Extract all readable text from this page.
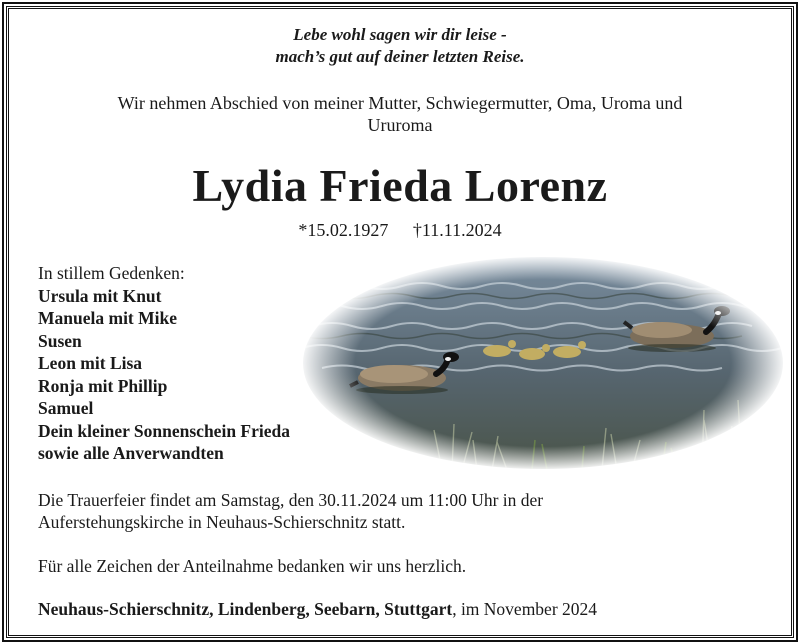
Lebe wohl sagen wir dir leise -
mach’s gut auf deiner letzten Reise.
Wir nehmen Abschied von meiner Mutter, Schwiegermutter, Oma, Uroma und
Ururoma
Lydia Frieda Lorenz
*15.02.1927 †11.11.2024
In stillem Gedenken:
Ursula mit Knut
Manuela mit Mike
Susen
Leon mit Lisa
Ronja mit Phillip
Samuel
Dein kleiner Sonnenschein Frieda
sowie alle Anverwandten
Die Trauerfeier findet am Samstag, den 30.11.2024 um 11:00 Uhr in der
Auferstehungskirche in Neuhaus-Schierschnitz statt.
Für alle Zeichen der Anteilnahme bedanken wir uns herzlich.
Neuhaus-Schierschnitz, Lindenberg, Seebarn, Stuttgart, im November 2024
